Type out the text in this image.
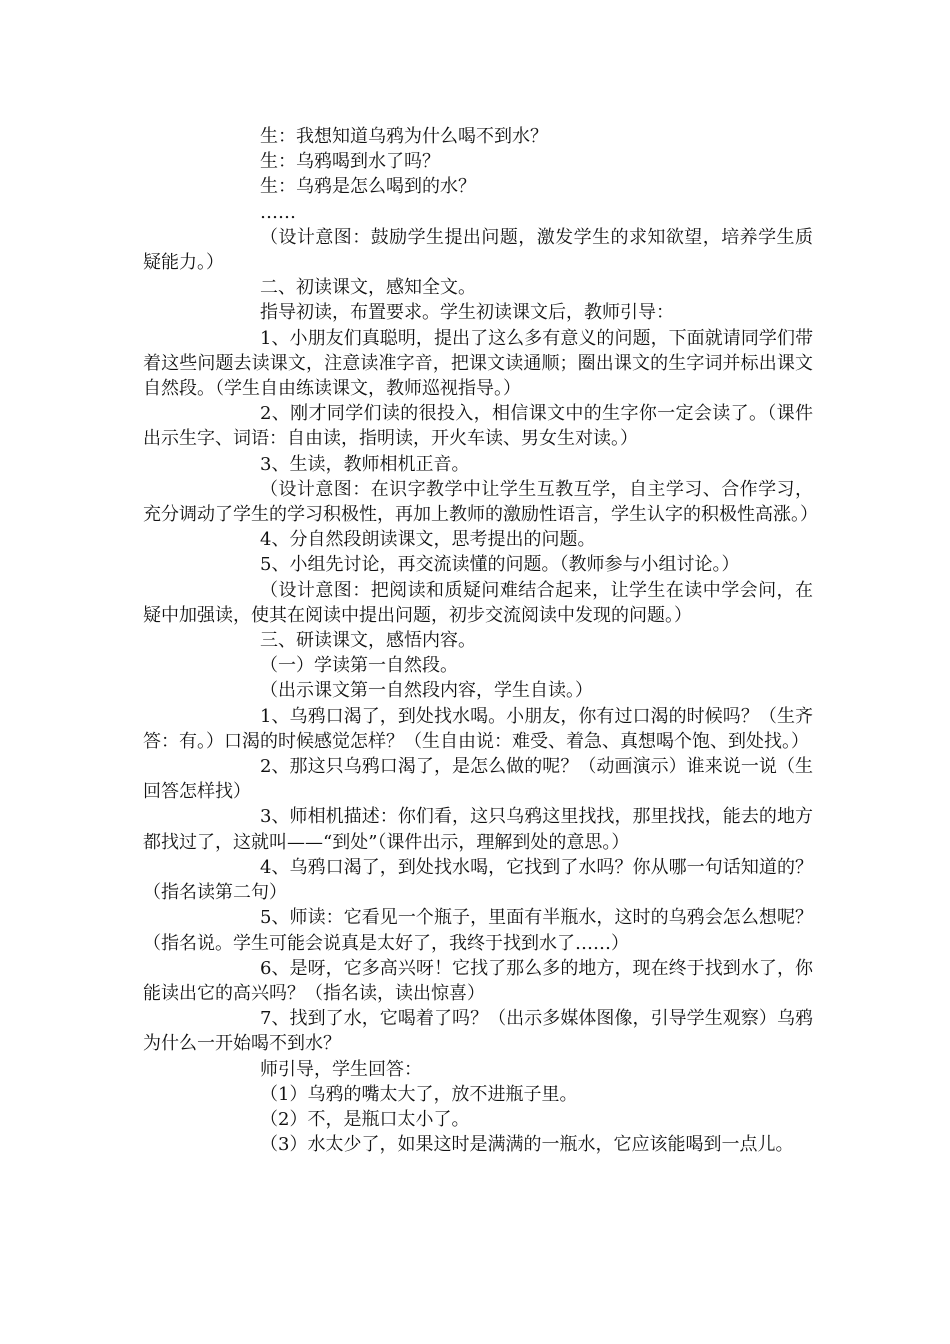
生：我想知道乌鸦为什么喝不到水？

生：乌鸦喝到水了吗？

生：乌鸦是怎么喝到的水？

……

（设计意图：鼓励学生提出问题，激发学生的求知欲望，培养学生质疑能力。）

二、初读课文，感知全文。

指导初读，布置要求。学生初读课文后，教师引导：

1、小朋友们真聪明，提出了这么多有意义的问题，下面就请同学们带着这些问题去读课文，注意读准字音，把课文读通顺；圈出课文的生字词并标出课文自然段。（学生自由练读课文，教师巡视指导。）

2、刚才同学们读的很投入，相信课文中的生字你一定会读了。（课件出示生字、词语：自由读，指明读，开火车读、男女生对读。）

3、生读，教师相机正音。

（设计意图：在识字教学中让学生互教互学，自主学习、合作学习，充分调动了学生的学习积极性，再加上教师的激励性语言，学生认字的积极性高涨。）

4、分自然段朗读课文，思考提出的问题。

5、小组先讨论，再交流读懂的问题。（教师参与小组讨论。）

（设计意图：把阅读和质疑问难结合起来，让学生在读中学会问，在疑中加强读，使其在阅读中提出问题，初步交流阅读中发现的问题。）

三、研读课文，感悟内容。

（一）学读第一自然段。

（出示课文第一自然段内容，学生自读。）

1、乌鸦口渴了，到处找水喝。小朋友，你有过口渴的时候吗？（生齐答：有。）口渴的时候感觉怎样？（生自由说：难受、着急、真想喝个饱、到处找。）

2、那这只乌鸦口渴了，是怎么做的呢？（动画演示）谁来说一说（生回答怎样找）

3、师相机描述：你们看，这只乌鸦这里找找，那里找找，能去的地方都找过了，这就叫——“到处”（课件出示，理解到处的意思。）

4、乌鸦口渴了，到处找水喝，它找到了水吗？你从哪一句话知道的？（指名读第二句）

5、师读：它看见一个瓶子，里面有半瓶水，这时的乌鸦会怎么想呢？（指名说。学生可能会说真是太好了，我终于找到水了……）

6、是呀，它多高兴呀！它找了那么多的地方，现在终于找到水了，你能读出它的高兴吗？（指名读，读出惊喜）

7、找到了水，它喝着了吗？（出示多媒体图像，引导学生观察）乌鸦为什么一开始喝不到水？

师引导，学生回答：

（1）乌鸦的嘴太大了，放不进瓶子里。

（2）不，是瓶口太小了。

（3）水太少了，如果这时是满满的一瓶水，它应该能喝到一点儿。
